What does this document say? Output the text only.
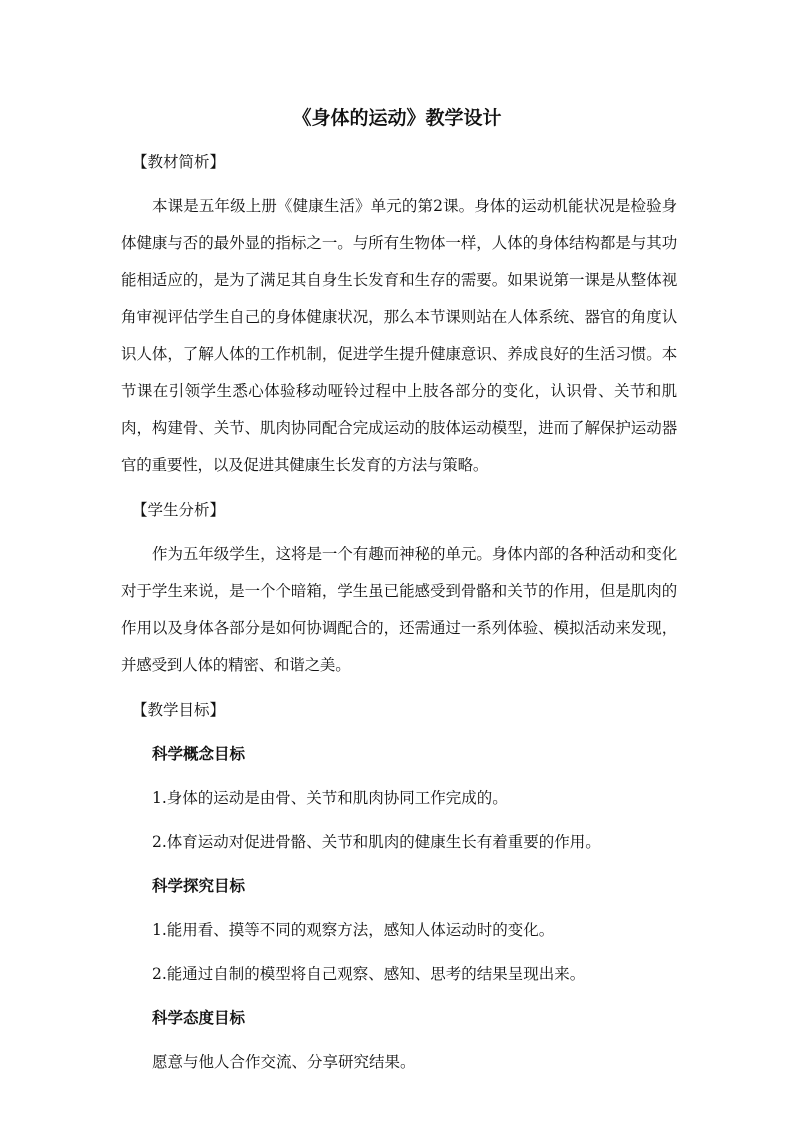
《身体的运动》教学设计
【教材简析】

本课是五年级上册《健康生活》单元的第2课。身体的运动机能状况是检验身体健康与否的最外显的指标之一。与所有生物体一样，人体的身体结构都是与其功能相适应的，是为了满足其自身生长发育和生存的需要。如果说第一课是从整体视角审视评估学生自己的身体健康状况，那么本节课则站在人体系统、器官的角度认识人体，了解人体的工作机制，促进学生提升健康意识、养成良好的生活习惯。本节课在引领学生悉心体验移动哑铃过程中上肢各部分的变化，认识骨、关节和肌肉，构建骨、关节、肌肉协同配合完成运动的肢体运动模型，进而了解保护运动器官的重要性，以及促进其健康生长发育的方法与策略。

【学生分析】

作为五年级学生，这将是一个有趣而神秘的单元。身体内部的各种活动和变化对于学生来说，是一个个暗箱，学生虽已能感受到骨骼和关节的作用，但是肌肉的作用以及身体各部分是如何协调配合的，还需通过一系列体验、模拟活动来发现，并感受到人体的精密、和谐之美。

【教学目标】
科学概念目标

1.身体的运动是由骨、关节和肌肉协同工作完成的。

2.体育运动对促进骨骼、关节和肌肉的健康生长有着重要的作用。

科学探究目标

1.能用看、摸等不同的观察方法，感知人体运动时的变化。

2.能通过自制的模型将自己观察、感知、思考的结果呈现出来。

科学态度目标

愿意与他人合作交流、分享研究结果。
